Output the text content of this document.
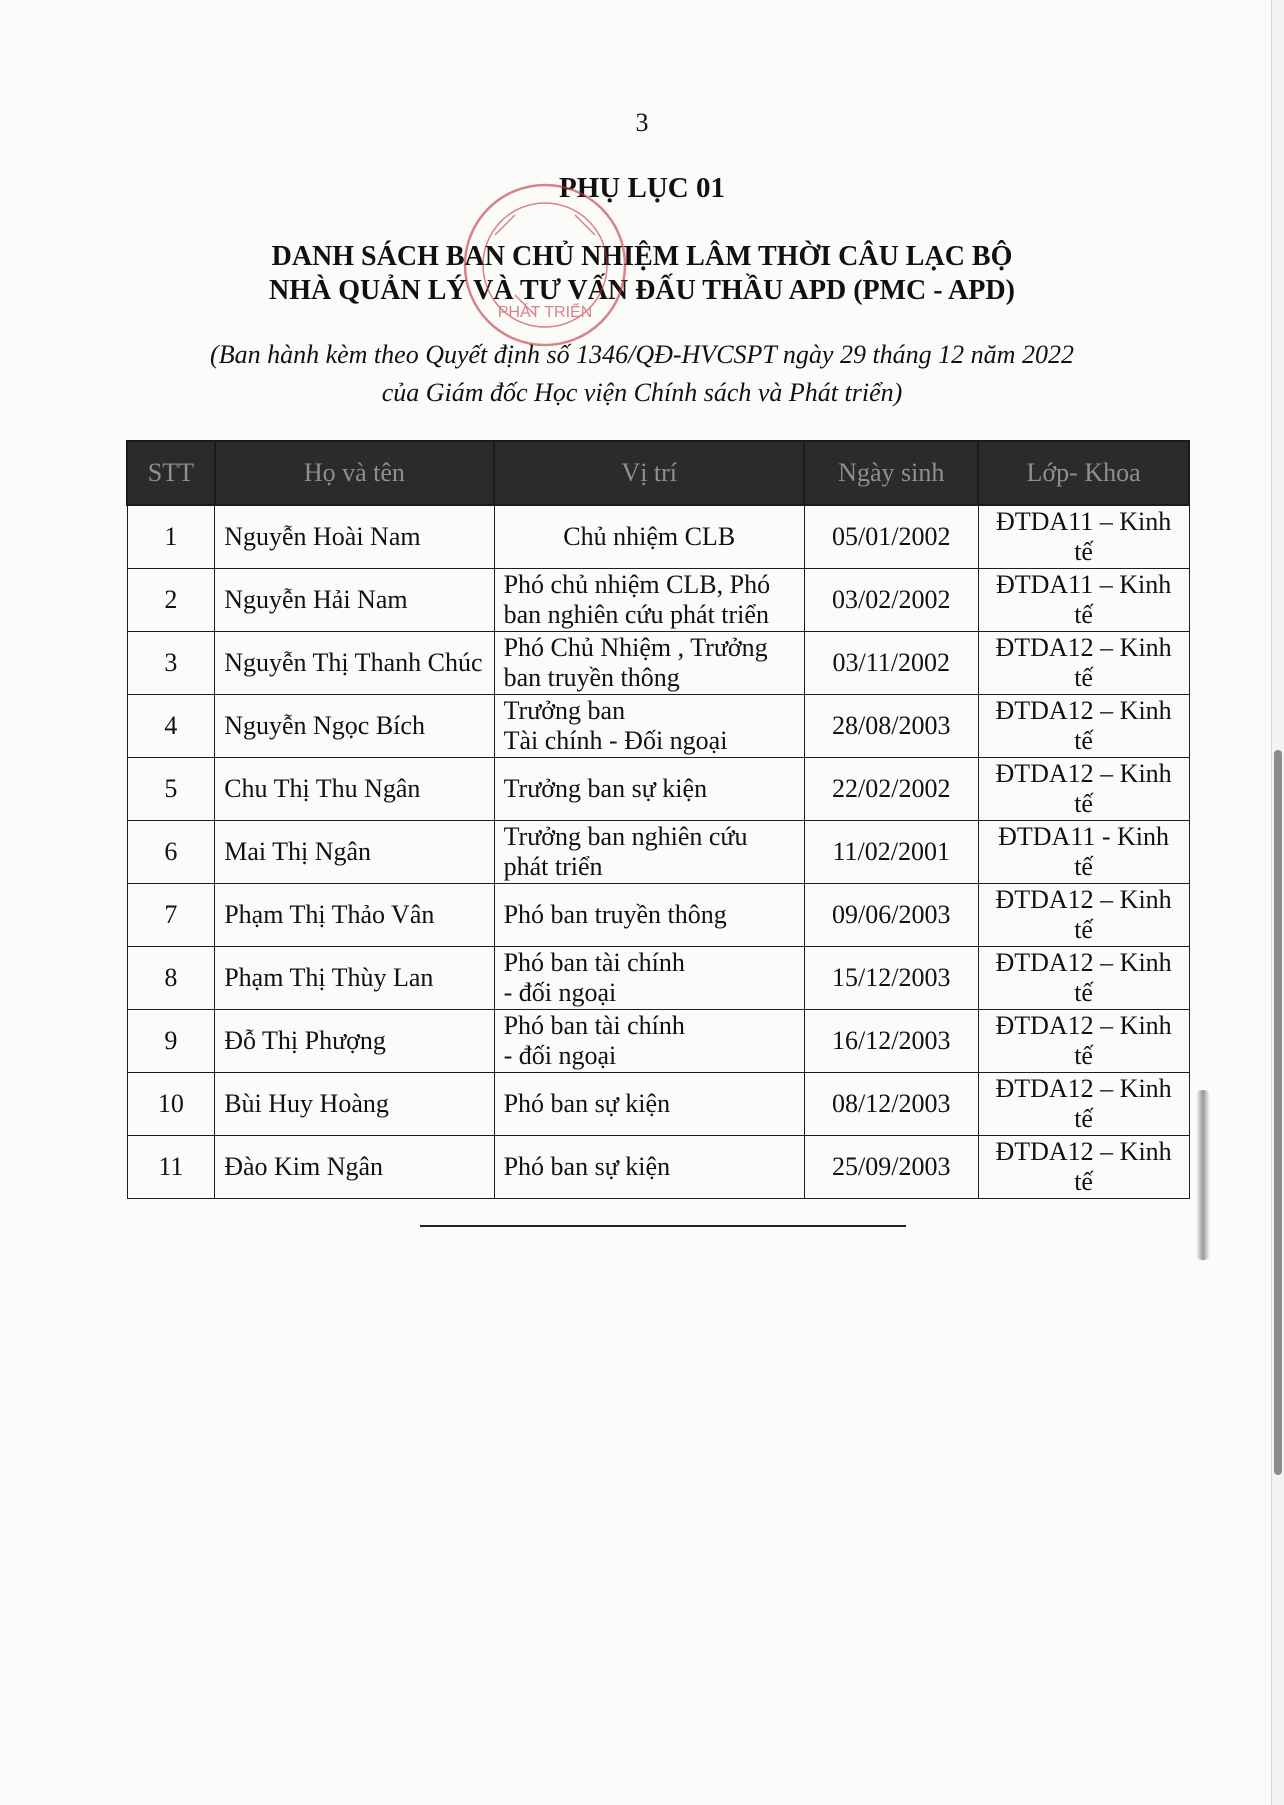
3
PHỤ LỤC 01
DANH SÁCH BAN CHỦ NHIỆM LÂM THỜI CÂU LẠC BỘ
NHÀ QUẢN LÝ VÀ TƯ VẤN ĐẤU THẦU APD (PMC - APD)
(Ban hành kèm theo Quyết định số 1346/QĐ-HVCSPT ngày 29 tháng 12 năm 2022
của Giám đốc Học viện Chính sách và Phát triển)
PHÁT TRIỂN
STT	Họ và tên	Vị trí	Ngày sinh	Lớp- Khoa
1	Nguyễn Hoài Nam	Chủ nhiệm CLB	05/01/2002	ĐTDA11 – Kinh tế
2	Nguyễn Hải Nam	Phó chủ nhiệm CLB, Phó
ban nghiên cứu phát triển	03/02/2002	ĐTDA11 – Kinh tế
3	Nguyễn Thị Thanh Chúc	Phó Chủ Nhiệm , Trưởng
ban truyền thông	03/11/2002	ĐTDA12 – Kinh tế
4	Nguyễn Ngọc Bích	Trưởng ban
Tài chính - Đối ngoại	28/08/2003	ĐTDA12 – Kinh tế
5	Chu Thị Thu Ngân	Trưởng ban sự kiện	22/02/2002	ĐTDA12 – Kinh tế
6	Mai Thị Ngân	Trưởng ban nghiên cứu
phát triển	11/02/2001	ĐTDA11 - Kinh tế
7	Phạm Thị Thảo Vân	Phó ban truyền thông	09/06/2003	ĐTDA12 – Kinh tế
8	Phạm Thị Thùy Lan	Phó ban tài chính
- đối ngoại	15/12/2003	ĐTDA12 – Kinh tế
9	Đỗ Thị Phượng	Phó ban tài chính
- đối ngoại	16/12/2003	ĐTDA12 – Kinh tế
10	Bùi Huy Hoàng	Phó ban sự kiện	08/12/2003	ĐTDA12 – Kinh tế
11	Đào Kim Ngân	Phó ban sự kiện	25/09/2003	ĐTDA12 – Kinh tế
